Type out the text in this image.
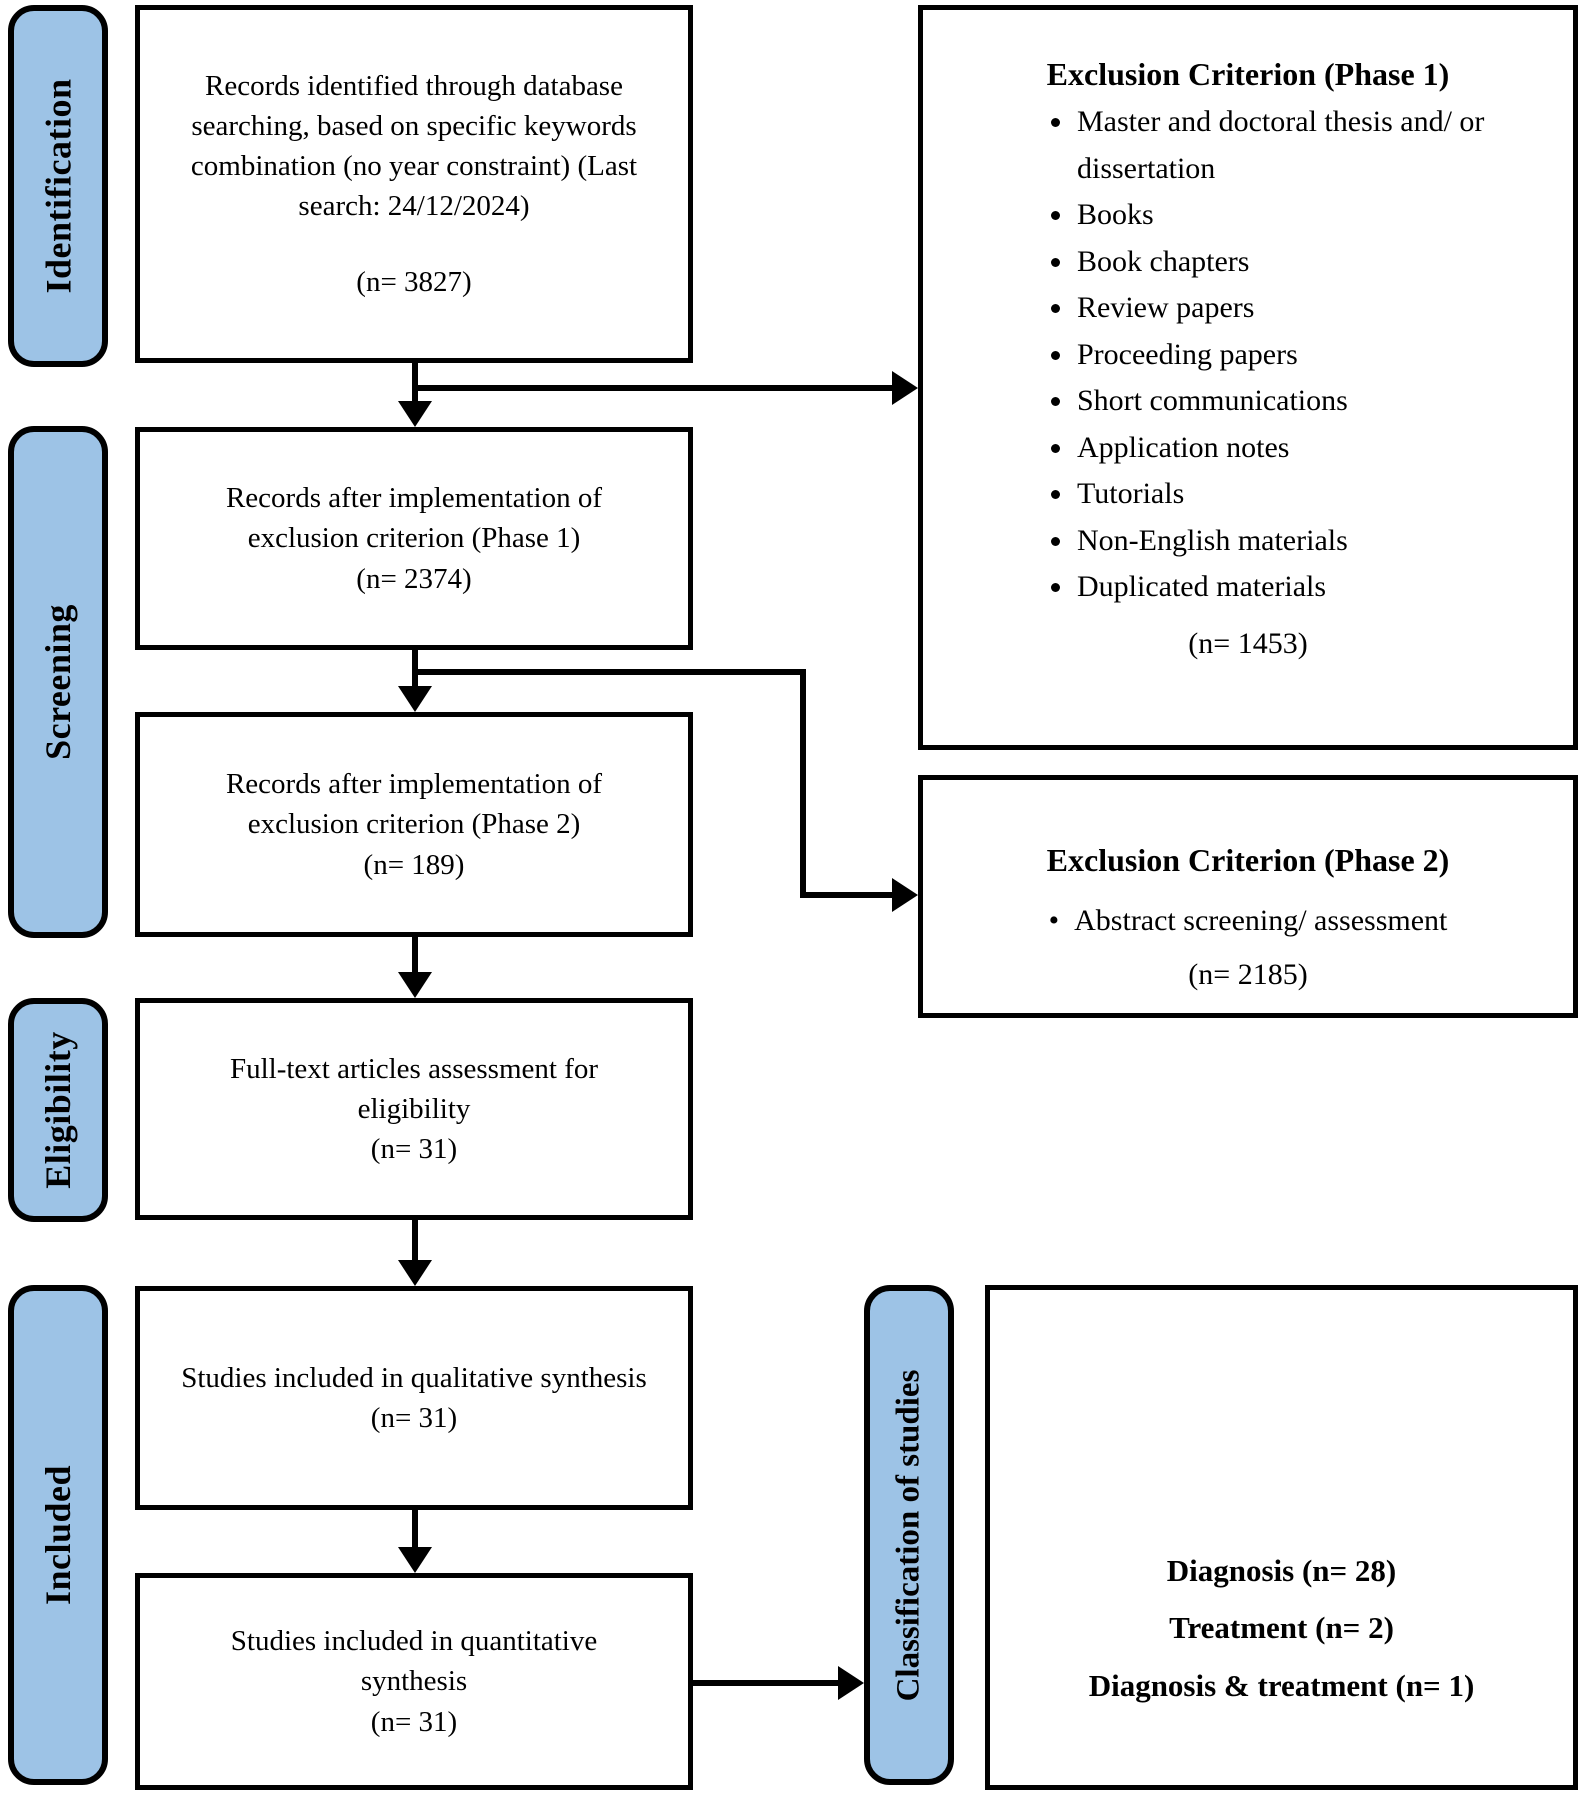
Identification
Screening
Eligibility
Included
Records identified through database searching, based on specific keywords combination (no year constraint) (Last search: 24/12/2024)
(n= 3827)
Records after implementation of exclusion criterion (Phase 1)
(n= 2374)
Records after implementation of exclusion criterion (Phase 2)
(n= 189)
Full-text articles assessment for eligibility
(n= 31)
Studies included in qualitative synthesis
(n= 31)
Studies included in quantitative synthesis
(n= 31)
Exclusion Criterion (Phase 1)
• Master and doctoral thesis and/ or dissertation
• Books
• Book chapters
• Review papers
• Proceeding papers
• Short communications
• Application notes
• Tutorials
• Non-English materials
• Duplicated materials
(n= 1453)
Exclusion Criterion (Phase 2)
•  Abstract screening/ assessment
(n= 2185)
Classification of studies	Diagnosis (n= 28)
Treatment (n= 2)
Diagnosis & treatment (n= 1)
